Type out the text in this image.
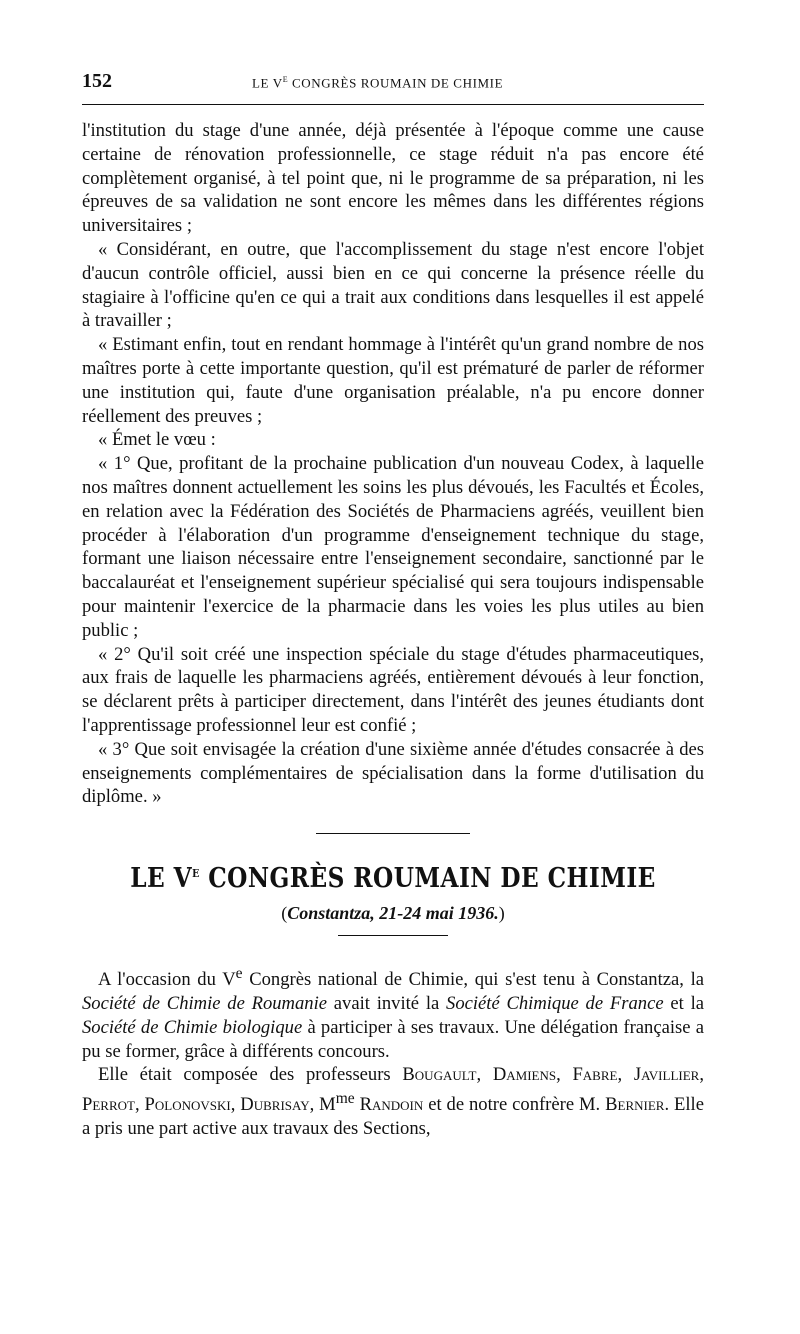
152	LE $V^E$ CONGRÈS ROUMAIN DE CHIMIE

l'institution du stage d'une année, déjà présentée à l'époque comme une cause certaine de rénovation professionnelle, ce stage réduit n'a pas encore été complètement organisé, à tel point que, ni le programme de sa préparation, ni les épreuves de sa validation ne sont encore les mêmes dans les différentes régions universitaires ;

« Considérant, en outre, que l'accomplissement du stage n'est encore l'objet d'aucun contrôle officiel, aussi bien en ce qui concerne la présence réelle du stagiaire à l'officine qu'en ce qui a trait aux conditions dans lesquelles il est appelé à travailler ;

« Estimant enfin, tout en rendant hommage à l'intérêt qu'un grand nombre de nos maîtres porte à cette importante question, qu'il est prématuré de parler de réformer une institution qui, faute d'une organisation préalable, n'a pu encore donner réellement des preuves ;

« Émet le vœu :

« 1° Que, profitant de la prochaine publication d'un nouveau Codex, à laquelle nos maîtres donnent actuellement les soins les plus dévoués, les Facultés et Écoles, en relation avec la Fédération des Sociétés de Pharmaciens agréés, veuillent bien procéder à l'élaboration d'un programme d'enseignement technique du stage, formant une liaison nécessaire entre l'enseignement secondaire, sanctionné par le baccalauréat et l'enseignement supérieur spécialisé qui sera toujours indispensable pour maintenir l'exercice de la pharmacie dans les voies les plus utiles au bien public ;

« 2° Qu'il soit créé une inspection spéciale du stage d'études pharmaceutiques, aux frais de laquelle les pharmaciens agréés, entièrement dévoués à leur fonction, se déclarent prêts à participer directement, dans l'intérêt des jeunes étudiants dont l'apprentissage professionnel leur est confié ;

« 3° Que soit envisagée la création d'une sixième année d'études consacrée à des enseignements complémentaires de spécialisation dans la forme d'utilisation du diplôme. »

LE $V^E$ CONGRÈS ROUMAIN DE CHIMIE
(Constantza, 21-24 mai 1936.)

A l'occasion du Ve Congrès national de Chimie, qui s'est tenu à Constantza, la Société de Chimie de Roumanie avait invité la Société Chimique de France et la Société de Chimie biologique à participer à ses travaux. Une délégation française a pu se former, grâce à différents concours.

Elle était composée des professeurs Bougault, Damiens, Fabre, Javillier, Perrot, Polonovski, Dubrisay, $M^{me}$ Randoin et de notre confrère M. Bernier. Elle a pris une part active aux travaux des Sections,
